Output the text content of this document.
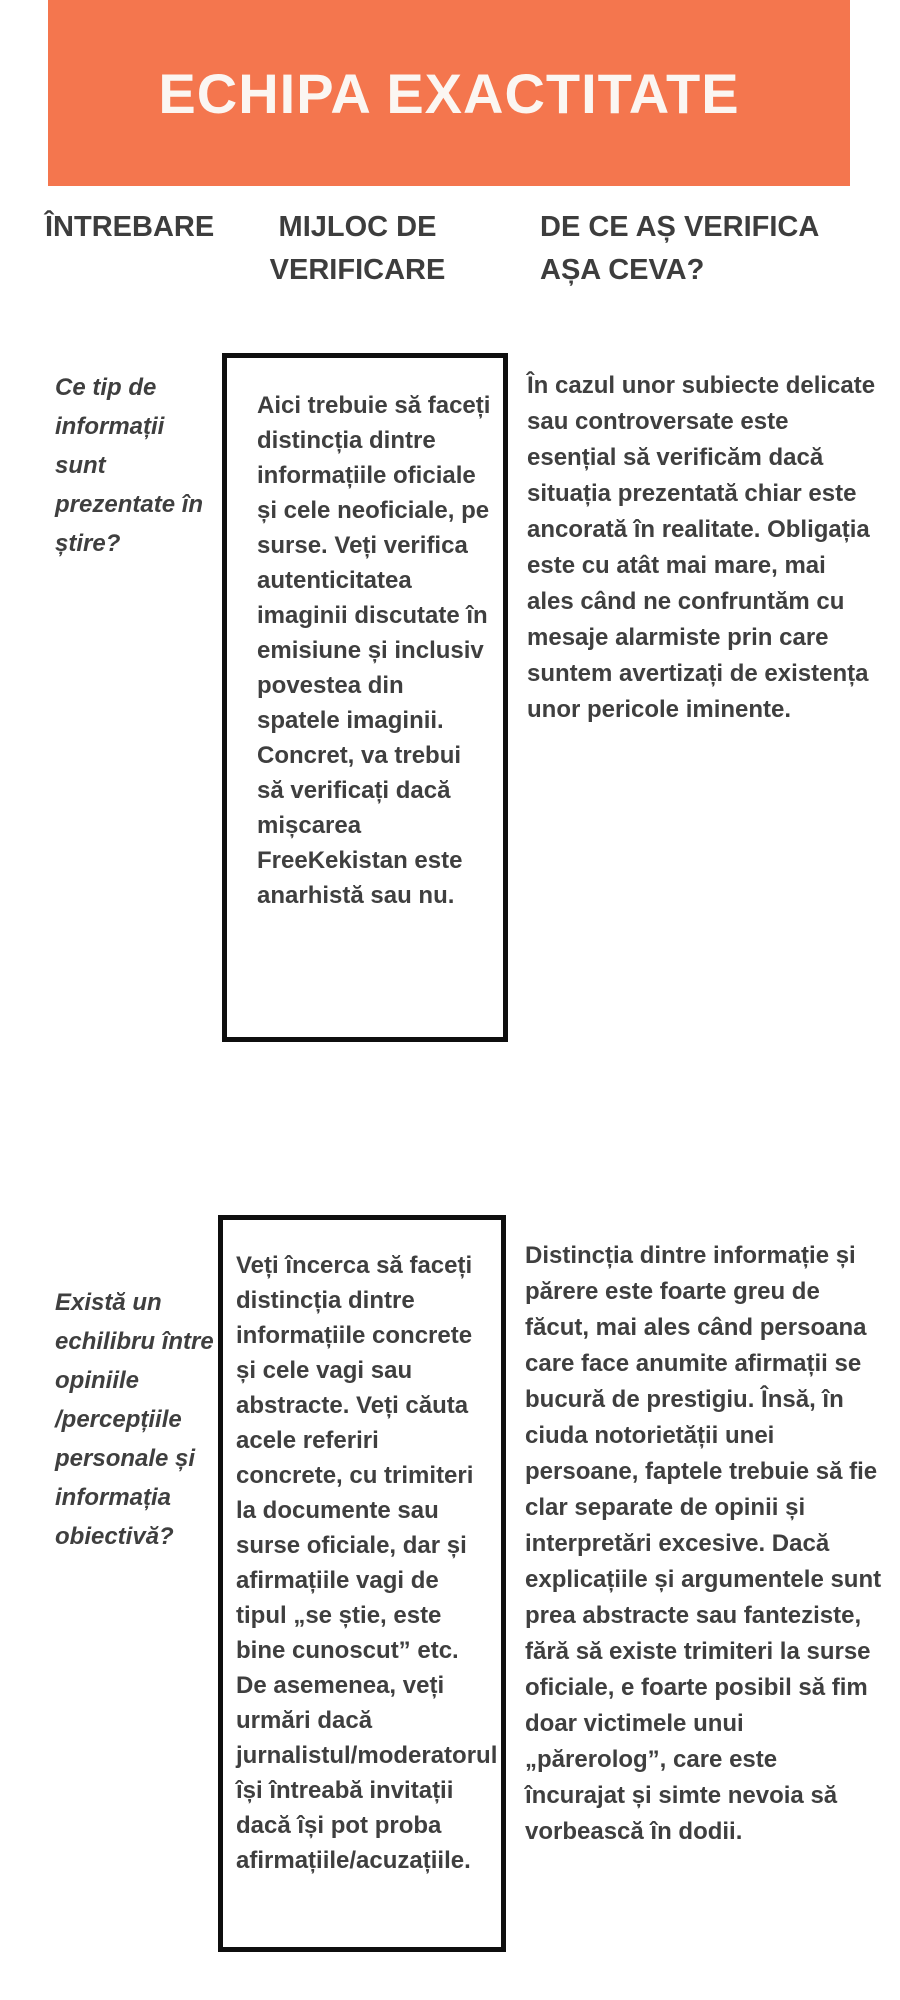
ECHIPA EXACTITATE
ÎNTREBARE	MIJLOC DE VERIFICARE
DE CE AȘ VERIFICA AȘA CEVA?

Ce tip de informații sunt prezentate în știre?

Aici trebuie să faceți distincția dintre informațiile oficiale și cele neoficiale, pe surse. Veți verifica autenticitatea imaginii discutate în emisiune și inclusiv povestea din spatele imaginii. Concret, va trebui să verificați dacă mișcarea FreeKekistan este anarhistă sau nu.

În cazul unor subiecte delicate sau controversate este esențial să verificăm dacă situația prezentată chiar este ancorată în realitate. Obligația este cu atât mai mare, mai ales când ne confruntăm cu mesaje alarmiste prin care suntem avertizați de existența unor pericole iminente.

Există un echilibru între opiniile /percepțiile personale și informația obiectivă?

Veți încerca să faceți distincția dintre informațiile concrete și cele vagi sau abstracte. Veți căuta acele referiri concrete, cu trimiteri la documente sau surse oficiale, dar și afirmațiile vagi de tipul „se știe, este bine cunoscut” etc. De asemenea, veți urmări dacă jurnalistul/moderatorul își întreabă invitații dacă își pot proba afirmațiile/acuzațiile.

Distincția dintre informație și părere este foarte greu de făcut, mai ales când persoana care face anumite afirmații se bucură de prestigiu. Însă, în ciuda notorietății unei persoane, faptele trebuie să fie clar separate de opinii și interpretări excesive. Dacă explicațiile și argumentele sunt prea abstracte sau fanteziste, fără să existe trimiteri la surse oficiale, e foarte posibil să fim doar victimele unui „părerolog”, care este încurajat și simte nevoia să vorbească în dodii.
